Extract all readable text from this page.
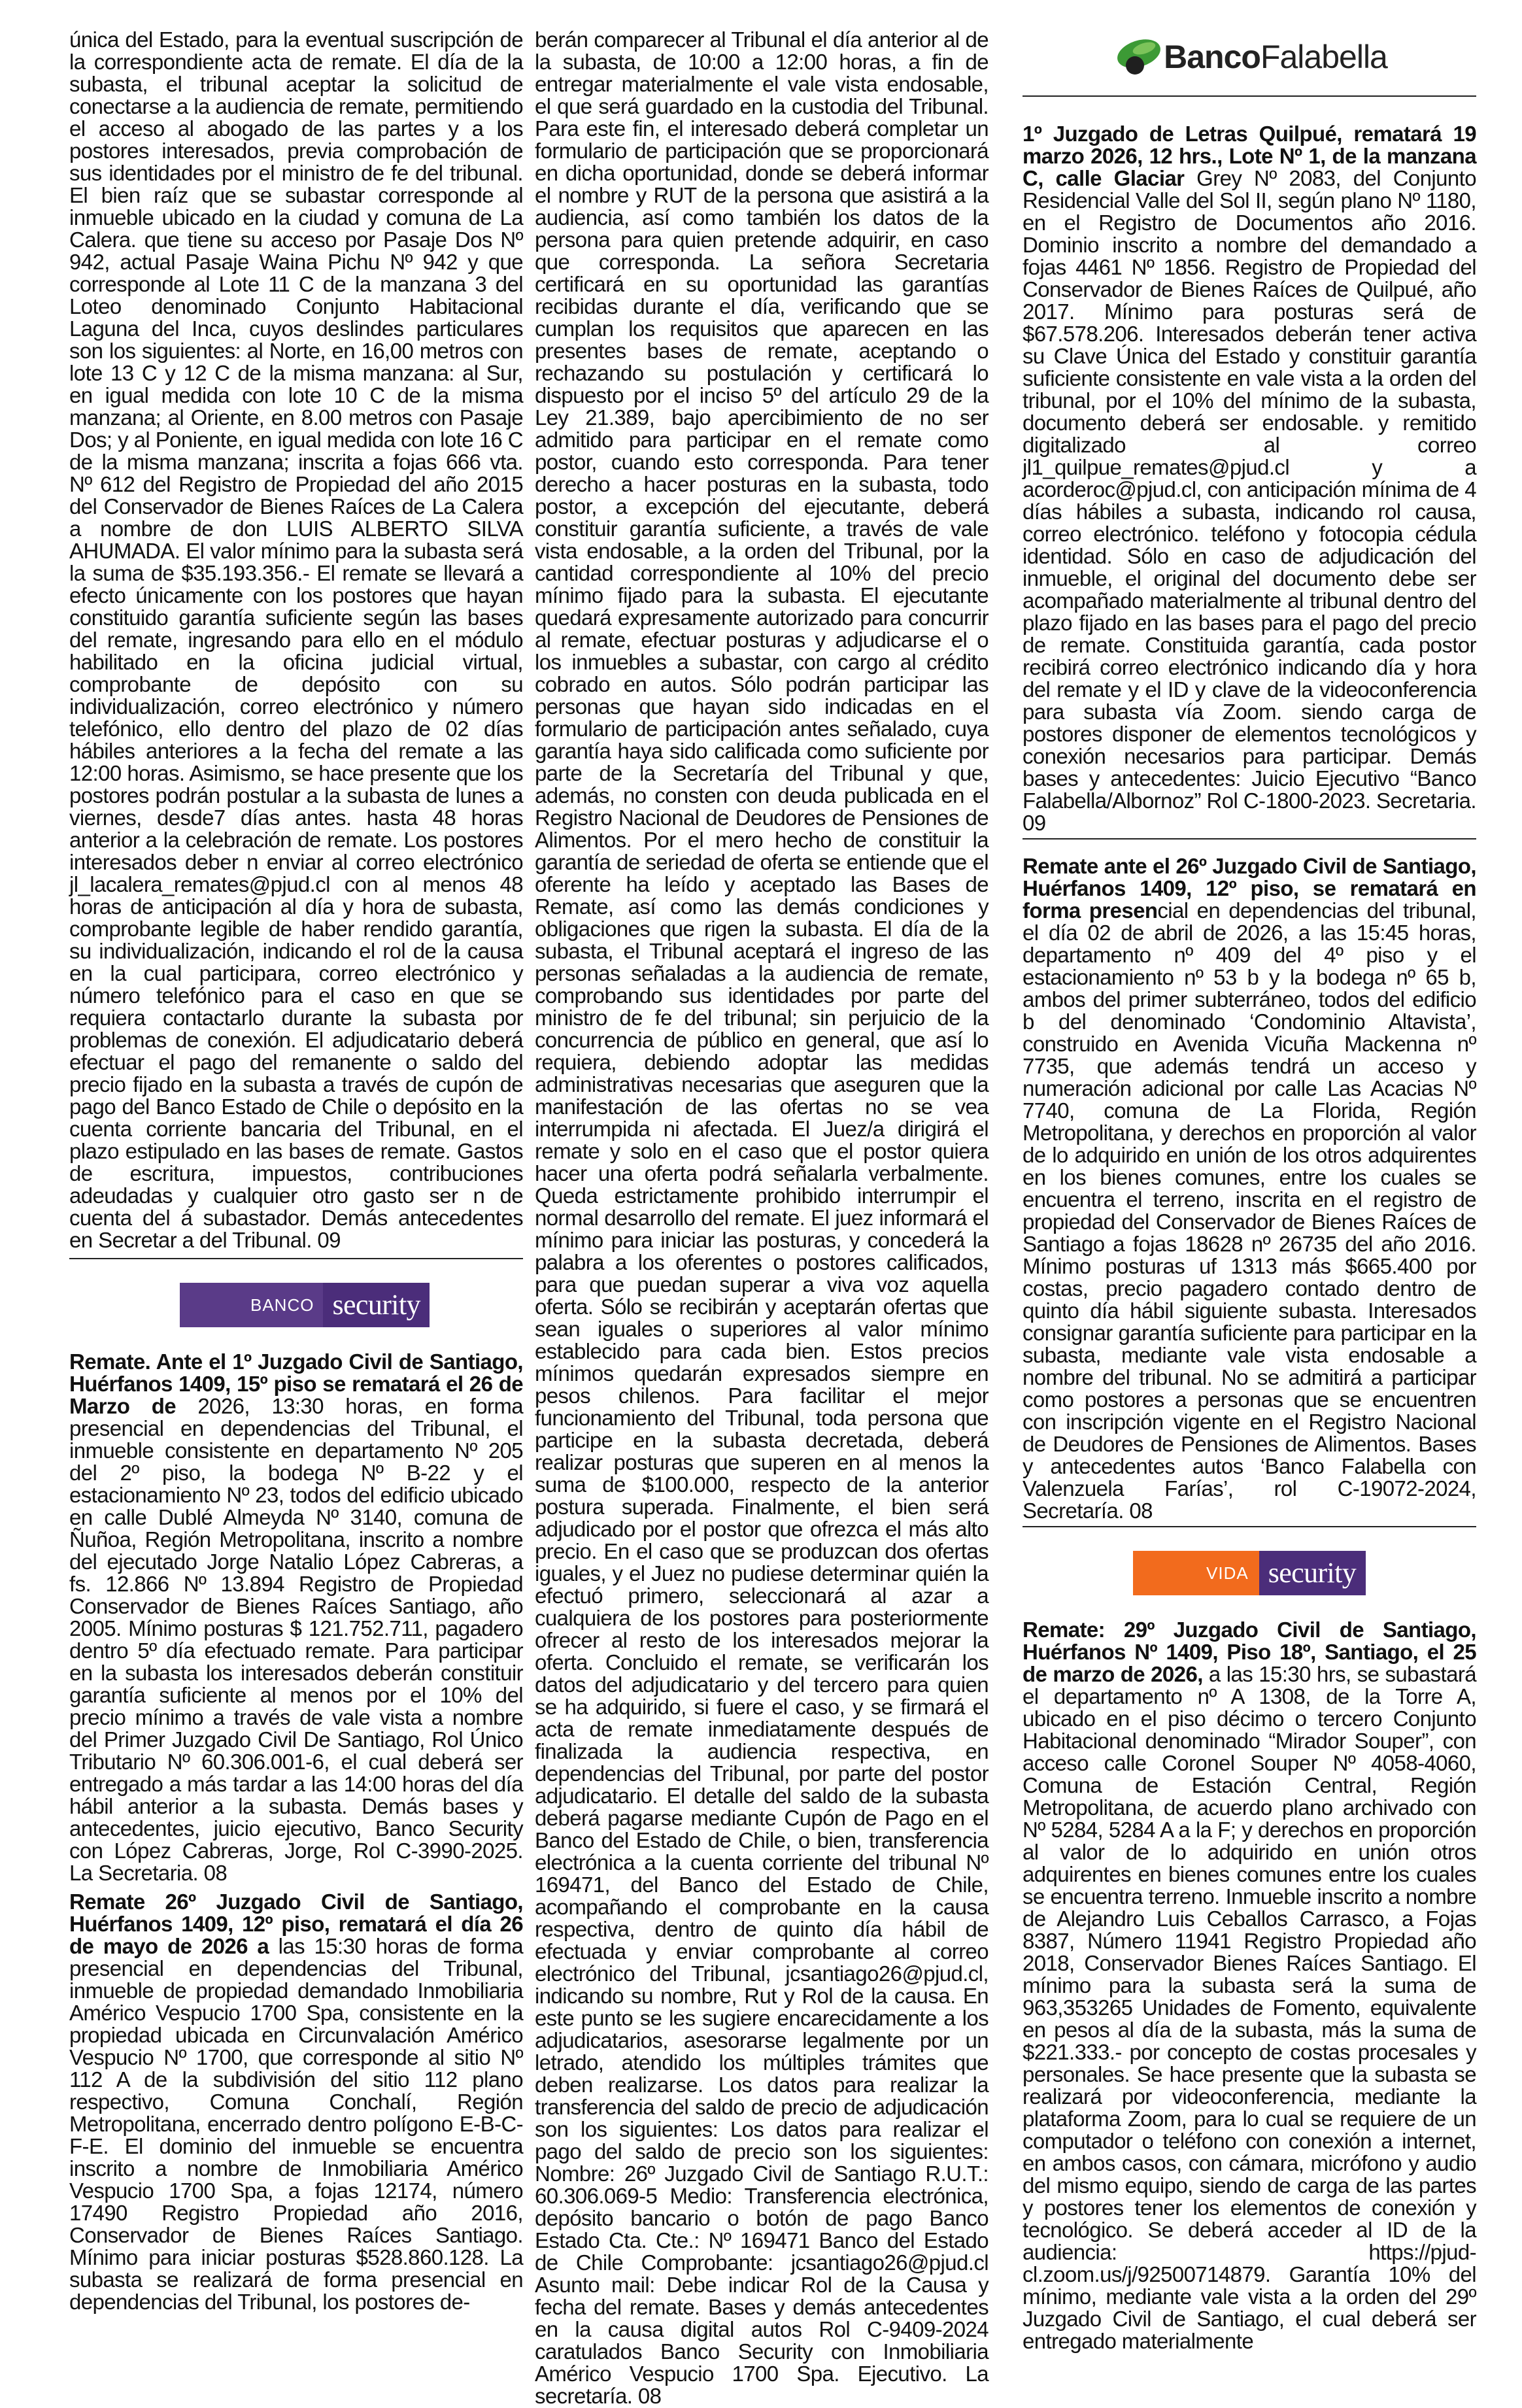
única del Estado, para la eventual suscripción de la correspondiente acta de remate. El día de la subasta, el tribunal aceptar la solicitud de conectarse a la audiencia de remate, permitiendo el acceso al abogado de las partes y a los postores interesados, previa comprobación de sus identidades por el ministro de fe del tribunal. El bien raíz que se subastar corresponde al inmueble ubicado en la ciudad y comuna de La Calera. que tiene su acceso por Pasaje Dos Nº 942, actual Pasaje Waina Pichu Nº 942 y que corresponde al Lote 11 C de la manzana 3 del Loteo denominado Conjunto Habitacional Laguna del Inca, cuyos deslindes particulares son los siguientes: al Norte, en 16,00 metros con lote 13 C y 12 C de la misma manzana: al Sur, en igual medida con lote 10 C de la misma manzana; al Oriente, en 8.00 metros con Pasaje Dos; y al Poniente, en igual medida con lote 16 C de la misma manzana; inscrita a fojas 666 vta. Nº 612 del Registro de Propiedad del año 2015 del Conservador de Bienes Raíces de La Calera a nombre de don LUIS ALBERTO SILVA AHUMADA. El valor mínimo para la subasta será la suma de $35.193.356.- El remate se llevará a efecto únicamente con los postores que hayan constituido garantía suficiente según las bases del remate, ingresando para ello en el módulo habilitado en la oficina judicial virtual, comprobante de depósito con su individualización, correo electrónico y número telefónico, ello dentro del plazo de 02 días hábiles anteriores a la fecha del remate a las 12:00 horas. Asimismo, se hace presente que los postores podrán postular a la subasta de lunes a viernes, desde7 días antes. hasta 48 horas anterior a la celebración de remate. Los postores interesados deber n enviar al correo electrónico jl_lacalera_remates@pjud.cl con al menos 48 horas de anticipación al día y hora de subasta, comprobante legible de haber rendido garantía, su individualización, indicando el rol de la causa en la cual participara, correo electrónico y número telefónico para el caso en que se requiera contactarlo durante la subasta por problemas de conexión. El adjudicatario deberá efectuar el pago del remanente o saldo del precio fijado en la subasta a través de cupón de pago del Banco Estado de Chile o depósito en la cuenta corriente bancaria del Tribunal, en el plazo estipulado en las bases de remate. Gastos de escritura, impuestos, contribuciones adeudadas y cualquier otro gasto ser n de cuenta del á subastador. Demás antecedentes en Secretar a del Tribunal. 09

BANCO security

Remate. Ante el 1º Juzgado Civil de Santiago, Huérfanos 1409, 15º piso se rematará el 26 de Marzo de 2026, 13:30 horas, en forma presencial en dependencias del Tribunal, el inmueble consistente en departamento Nº 205 del 2º piso, la bodega Nº B-22 y el estacionamiento Nº 23, todos del edificio ubicado en calle Dublé Almeyda Nº 3140, comuna de Ñuñoa, Región Metropolitana, inscrito a nombre del ejecutado Jorge Natalio López Cabreras, a fs. 12.866 Nº 13.894 Registro de Propiedad Conservador de Bienes Raíces Santiago, año 2005. Mínimo posturas $ 121.752.711, pagadero dentro 5º día efectuado remate. Para participar en la subasta los interesados deberán constituir garantía suficiente al menos por el 10% del precio mínimo a través de vale vista a nombre del Primer Juzgado Civil De Santiago, Rol Único Tributario Nº 60.306.001-6, el cual deberá ser entregado a más tardar a las 14:00 horas del día hábil anterior a la subasta. Demás bases y antecedentes, juicio ejecutivo, Banco Security con López Cabreras, Jorge, Rol C-3990-2025. La Secretaria. 08

Remate 26º Juzgado Civil de Santiago, Huérfanos 1409, 12º piso, rematará el día 26 de mayo de 2026 a las 15:30 horas de forma presencial en dependencias del Tribunal, inmueble de propiedad demandado Inmobiliaria Américo Vespucio 1700 Spa, consistente en la propiedad ubicada en Circunvalación Américo Vespucio Nº 1700, que corresponde al sitio Nº 112 A de la subdivisión del sitio 112 plano respectivo, Comuna Conchalí, Región Metropolitana, encerrado dentro polígono E-B-C-F-E. El dominio del inmueble se encuentra inscrito a nombre de Inmobiliaria Américo Vespucio 1700 Spa, a fojas 12174, número 17490 Registro Propiedad año 2016, Conservador de Bienes Raíces Santiago. Mínimo para iniciar posturas $528.860.128. La subasta se realizará de forma presencial en dependencias del Tribunal, los postores de-

berán comparecer al Tribunal el día anterior al de la subasta, de 10:00 a 12:00 horas, a fin de entregar materialmente el vale vista endosable, el que será guardado en la custodia del Tribunal. Para este fin, el interesado deberá completar un formulario de participación que se proporcionará en dicha oportunidad, donde se deberá informar el nombre y RUT de la persona que asistirá a la audiencia, así como también los datos de la persona para quien pretende adquirir, en caso que corresponda. La señora Secretaria certificará en su oportunidad las garantías recibidas durante el día, verificando que se cumplan los requisitos que aparecen en las presentes bases de remate, aceptando o rechazando su postulación y certificará lo dispuesto por el inciso 5º del artículo 29 de la Ley 21.389, bajo apercibimiento de no ser admitido para participar en el remate como postor, cuando esto corresponda. Para tener derecho a hacer posturas en la subasta, todo postor, a excepción del ejecutante, deberá constituir garantía suficiente, a través de vale vista endosable, a la orden del Tribunal, por la cantidad correspondiente al 10% del precio mínimo fijado para la subasta. El ejecutante quedará expresamente autorizado para concurrir al remate, efectuar posturas y adjudicarse el o los inmuebles a subastar, con cargo al crédito cobrado en autos. Sólo podrán participar las personas que hayan sido indicadas en el formulario de participación antes señalado, cuya garantía haya sido calificada como suficiente por parte de la Secretaría del Tribunal y que, además, no consten con deuda publicada en el Registro Nacional de Deudores de Pensiones de Alimentos. Por el mero hecho de constituir la garantía de seriedad de oferta se entiende que el oferente ha leído y aceptado las Bases de Remate, así como las demás condiciones y obligaciones que rigen la subasta. El día de la subasta, el Tribunal aceptará el ingreso de las personas señaladas a la audiencia de remate, comprobando sus identidades por parte del ministro de fe del tribunal; sin perjuicio de la concurrencia de público en general, que así lo requiera, debiendo adoptar las medidas administrativas necesarias que aseguren que la manifestación de las ofertas no se vea interrumpida ni afectada. El Juez/a dirigirá el remate y solo en el caso que el postor quiera hacer una oferta podrá señalarla verbalmente. Queda estrictamente prohibido interrumpir el normal desarrollo del remate. El juez informará el mínimo para iniciar las posturas, y concederá la palabra a los oferentes o postores calificados, para que puedan superar a viva voz aquella oferta. Sólo se recibirán y aceptarán ofertas que sean iguales o superiores al valor mínimo establecido para cada bien. Estos precios mínimos quedarán expresados siempre en pesos chilenos. Para facilitar el mejor funcionamiento del Tribunal, toda persona que participe en la subasta decretada, deberá realizar posturas que superen en al menos la suma de $100.000, respecto de la anterior postura superada. Finalmente, el bien será adjudicado por el postor que ofrezca el más alto precio. En el caso que se produzcan dos ofertas iguales, y el Juez no pudiese determinar quién la efectuó primero, seleccionará al azar a cualquiera de los postores para posteriormente ofrecer al resto de los interesados mejorar la oferta. Concluido el remate, se verificarán los datos del adjudicatario y del tercero para quien se ha adquirido, si fuere el caso, y se firmará el acta de remate inmediatamente después de finalizada la audiencia respectiva, en dependencias del Tribunal, por parte del postor adjudicatario. El detalle del saldo de la subasta deberá pagarse mediante Cupón de Pago en el Banco del Estado de Chile, o bien, transferencia electrónica a la cuenta corriente del tribunal Nº 169471, del Banco del Estado de Chile, acompañando el comprobante en la causa respectiva, dentro de quinto día hábil de efectuada y enviar comprobante al correo electrónico del Tribunal, jcsantiago26@pjud.cl, indicando su nombre, Rut y Rol de la causa. En este punto se les sugiere encarecidamente a los adjudicatarios, asesorarse legalmente por un letrado, atendido los múltiples trámites que deben realizarse. Los datos para realizar la transferencia del saldo de precio de adjudicación son los siguientes: Los datos para realizar el pago del saldo de precio son los siguientes: Nombre: 26º Juzgado Civil de Santiago R.U.T.: 60.306.069-5 Medio: Transferencia electrónica, depósito bancario o botón de pago Banco Estado Cta. Cte.: Nº 169471 Banco del Estado de Chile Comprobante: jcsantiago26@pjud.cl Asunto mail: Debe indicar Rol de la Causa y fecha del remate. Bases y demás antecedentes en la causa digital autos Rol C-9409-2024 caratulados Banco Security con Inmobiliaria Américo Vespucio 1700 Spa. Ejecutivo. La secretaría. 08

BancoFalabella

1º Juzgado de Letras Quilpué, rematará 19 marzo 2026, 12 hrs., Lote Nº 1, de la manzana C, calle Glaciar Grey Nº 2083, del Conjunto Residencial Valle del Sol II, según plano Nº 1180, en el Registro de Documentos año 2016. Dominio inscrito a nombre del demandado a fojas 4461 Nº 1856. Registro de Propiedad del Conservador de Bienes Raíces de Quilpué, año 2017. Mínimo para posturas será de $67.578.206. Interesados deberán tener activa su Clave Única del Estado y constituir garantía suficiente consistente en vale vista a la orden del tribunal, por el 10% del mínimo de la subasta, documento deberá ser endosable. y remitido digitalizado al correo jl1_quilpue_remates@pjud.cl y a acorderoc@pjud.cl, con anticipación mínima de 4 días hábiles a subasta, indicando rol causa, correo electrónico. teléfono y fotocopia cédula identidad. Sólo en caso de adjudicación del inmueble, el original del documento debe ser acompañado materialmente al tribunal dentro del plazo fijado en las bases para el pago del precio de remate. Constituida garantía, cada postor recibirá correo electrónico indicando día y hora del remate y el ID y clave de la videoconferencia para subasta vía Zoom. siendo carga de postores disponer de elementos tecnológicos y conexión necesarios para participar. Demás bases y antecedentes: Juicio Ejecutivo “Banco Falabella/Albornoz” Rol C-1800-2023. Secretaria. 09

Remate ante el 26º Juzgado Civil de Santiago, Huérfanos 1409, 12º piso, se rematará en forma presencial en dependencias del tribunal, el día 02 de abril de 2026, a las 15:45 horas, departamento nº 409 del 4º piso y el estacionamiento nº 53 b y la bodega nº 65 b, ambos del primer subterráneo, todos del edificio b del denominado ‘Condominio Altavista’, construido en Avenida Vicuña Mackenna nº 7735, que además tendrá un acceso y numeración adicional por calle Las Acacias Nº 7740, comuna de La Florida, Región Metropolitana, y derechos en proporción al valor de lo adquirido en unión de los otros adquirentes en los bienes comunes, entre los cuales se encuentra el terreno, inscrita en el registro de propiedad del Conservador de Bienes Raíces de Santiago a fojas 18628 nº 26735 del año 2016. Mínimo posturas uf 1313 más $665.400 por costas, precio pagadero contado dentro de quinto día hábil siguiente subasta. Interesados consignar garantía suficiente para participar en la subasta, mediante vale vista endosable a nombre del tribunal. No se admitirá a participar como postores a personas que se encuentren con inscripción vigente en el Registro Nacional de Deudores de Pensiones de Alimentos. Bases y antecedentes autos ‘Banco Falabella con Valenzuela Farías’, rol C-19072-2024, Secretaría. 08

VIDA security

Remate: 29º Juzgado Civil de Santiago, Huérfanos Nº 1409, Piso 18º, Santiago, el 25 de marzo de 2026, a las 15:30 hrs, se subastará el departamento nº A 1308, de la Torre A, ubicado en el piso décimo o tercero Conjunto Habitacional denominado “Mirador Souper”, con acceso calle Coronel Souper Nº 4058-4060, Comuna de Estación Central, Región Metropolitana, de acuerdo plano archivado con Nº 5284, 5284 A a la F; y derechos en proporción al valor de lo adquirido en unión otros adquirentes en bienes comunes entre los cuales se encuentra terreno. Inmueble inscrito a nombre de Alejandro Luis Ceballos Carrasco, a Fojas 8387, Número 11941 Registro Propiedad año 2018, Conservador Bienes Raíces Santiago. El mínimo para la subasta será la suma de 963,353265 Unidades de Fomento, equivalente en pesos al día de la subasta, más la suma de $221.333.- por concepto de costas procesales y personales. Se hace presente que la subasta se realizará por videoconferencia, mediante la plataforma Zoom, para lo cual se requiere de un computador o teléfono con conexión a internet, en ambos casos, con cámara, micrófono y audio del mismo equipo, siendo de carga de las partes y postores tener los elementos de conexión y tecnológico. Se deberá acceder al ID de la audiencia: https://pjud-cl.zoom.us/j/92500714879. Garantía 10% del mínimo, mediante vale vista a la orden del 29º Juzgado Civil de Santiago, el cual deberá ser entregado materialmente
